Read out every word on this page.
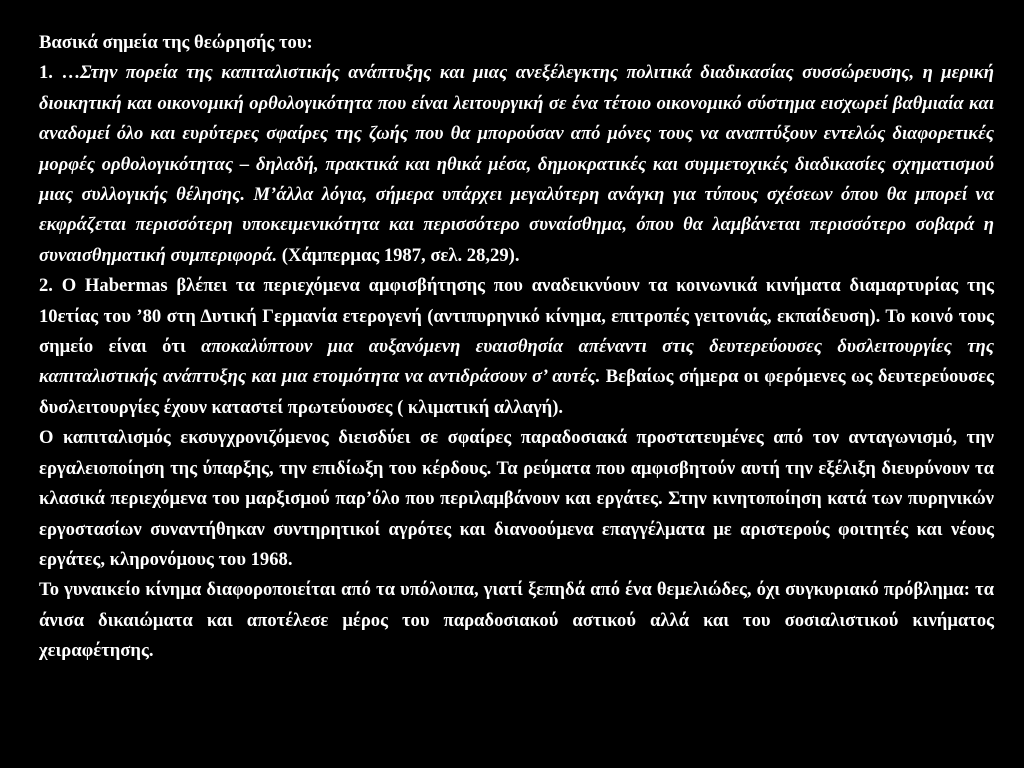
Βασικά σημεία της θεώρησής του:

1. …Στην πορεία της καπιταλιστικής ανάπτυξης και μιας ανεξέλεγκτης πολιτικά διαδικασίας συσσώρευσης, η μερική διοικητική και οικονομική ορθολογικότητα που είναι λειτουργική σε ένα τέτοιο οικονομικό σύστημα εισχωρεί βαθμιαία και αναδομεί όλο και ευρύτερες σφαίρες της ζωής που θα μπορούσαν από μόνες τους να αναπτύξουν εντελώς διαφορετικές μορφές ορθολογικότητας – δηλαδή, πρακτικά και ηθικά μέσα, δημοκρατικές και συμμετοχικές διαδικασίες σχηματισμού μιας συλλογικής θέλησης. Μ’άλλα λόγια, σήμερα υπάρχει μεγαλύτερη ανάγκη για τύπους σχέσεων όπου θα μπορεί να εκφράζεται περισσότερη υποκειμενικότητα και περισσότερο συναίσθημα, όπου θα λαμβάνεται περισσότερο σοβαρά η συναισθηματική συμπεριφορά. (Χάμπερμας 1987, σελ. 28,29).

2. Ο Habermas βλέπει τα περιεχόμενα αμφισβήτησης που αναδεικνύουν τα κοινωνικά κινήματα διαμαρτυρίας της 10ετίας του ’80 στη Δυτική Γερμανία ετερογενή (αντιπυρηνικό κίνημα, επιτροπές γειτονιάς, εκπαίδευση). Το κοινό τους σημείο είναι ότι αποκαλύπτουν μια αυξανόμενη ευαισθησία απέναντι στις δευτερεύουσες δυσλειτουργίες της καπιταλιστικής ανάπτυξης και μια ετοιμότητα να αντιδράσουν σ’ αυτές. Βεβαίως σήμερα οι φερόμενες ως δευτερεύουσες δυσλειτουργίες έχουν καταστεί πρωτεύουσες ( κλιματική αλλαγή).

Ο καπιταλισμός εκσυγχρονιζόμενος διεισδύει σε σφαίρες παραδοσιακά προστατευμένες από τον ανταγωνισμό, την εργαλειοποίηση της ύπαρξης, την επιδίωξη του κέρδους. Τα ρεύματα που αμφισβητούν αυτή την εξέλιξη διευρύνουν τα κλασικά περιεχόμενα του μαρξισμού παρ’όλο που περιλαμβάνουν και εργάτες. Στην κινητοποίηση κατά των πυρηνικών εργοστασίων συναντήθηκαν συντηρητικοί αγρότες και διανοούμενα επαγγέλματα με αριστερούς φοιτητές και νέους εργάτες, κληρονόμους του 1968.

Το γυναικείο κίνημα διαφοροποιείται από τα υπόλοιπα, γιατί ξεπηδά από ένα θεμελιώδες, όχι συγκυριακό πρόβλημα: τα άνισα δικαιώματα και αποτέλεσε μέρος του παραδοσιακού αστικού αλλά και του σοσιαλιστικού κινήματος χειραφέτησης.
